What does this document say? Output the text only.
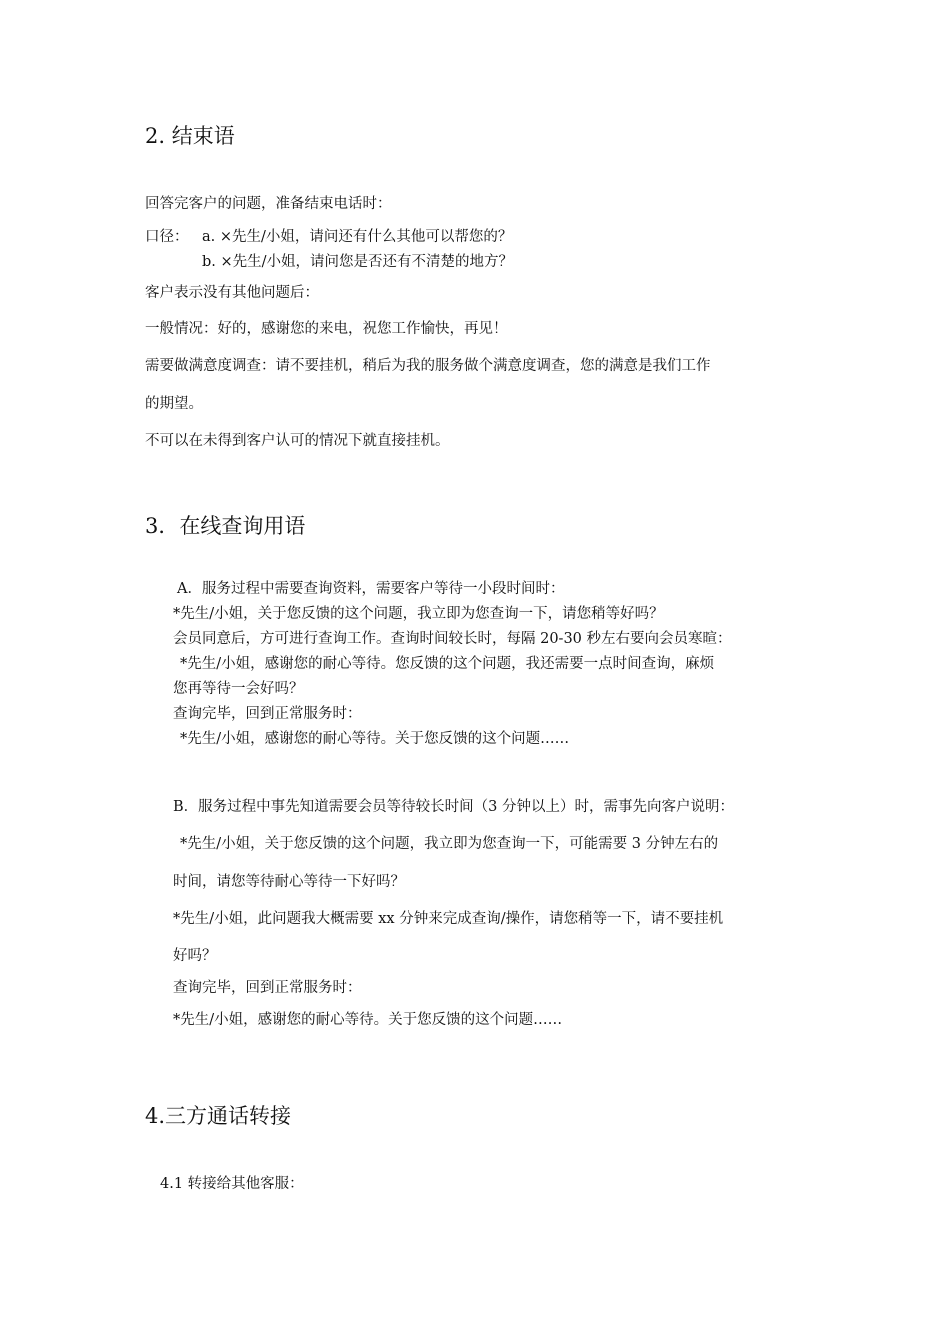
2. 结束语

回答完客户的问题，准备结束电话时：

口径： a. ×先生/小姐，请问还有什么其他可以帮您的？

b. ×先生/小姐，请问您是否还有不清楚的地方？

客户表示没有其他问题后：

一般情况：好的，感谢您的来电，祝您工作愉快，再见！

需要做满意度调查：请不要挂机，稍后为我的服务做个满意度调查，您的满意是我们工作

的期望。

不可以在未得到客户认可的情况下就直接挂机。

3．在线查询用语

A．服务过程中需要查询资料，需要客户等待一小段时间时：

*先生/小姐，关于您反馈的这个问题，我立即为您查询一下，请您稍等好吗？

会员同意后，方可进行查询工作。查询时间较长时，每隔 20-30 秒左右要向会员寒暄：

*先生/小姐，感谢您的耐心等待。您反馈的这个问题，我还需要一点时间查询，麻烦

您再等待一会好吗？

查询完毕，回到正常服务时：

*先生/小姐，感谢您的耐心等待。关于您反馈的这个问题……

B．服务过程中事先知道需要会员等待较长时间（3 分钟以上）时，需事先向客户说明：

*先生/小姐，关于您反馈的这个问题，我立即为您查询一下，可能需要 3 分钟左右的

时间，请您等待耐心等待一下好吗？

*先生/小姐，此问题我大概需要 xx 分钟来完成查询/操作，请您稍等一下，请不要挂机

好吗？

查询完毕，回到正常服务时：

*先生/小姐，感谢您的耐心等待。关于您反馈的这个问题……

4.三方通话转接

4.1 转接给其他客服：
